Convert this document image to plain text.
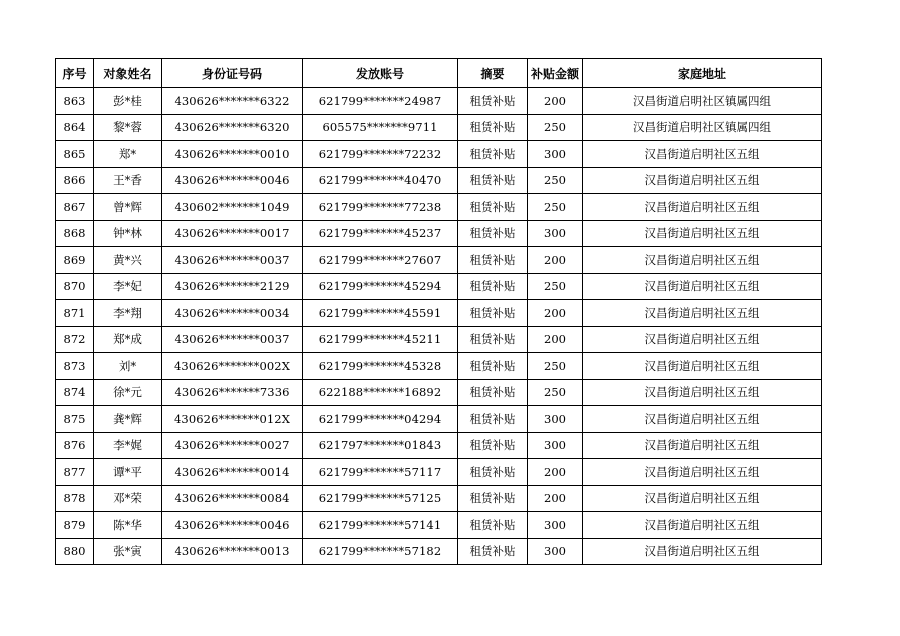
序号	对象姓名	身份证号码	发放账号	摘要	补贴金额	家庭地址
863	彭*桂	430626*******6322	621799*******24987	租赁补贴	200	汉昌街道启明社区镇属四组
864	黎*蓉	430626*******6320	605575*******9711	租赁补贴	250	汉昌街道启明社区镇属四组
865	郑*	430626*******0010	621799*******72232	租赁补贴	300	汉昌街道启明社区五组
866	王*香	430626*******0046	621799*******40470	租赁补贴	250	汉昌街道启明社区五组
867	曾*辉	430602*******1049	621799*******77238	租赁补贴	250	汉昌街道启明社区五组
868	钟*林	430626*******0017	621799*******45237	租赁补贴	300	汉昌街道启明社区五组
869	黄*兴	430626*******0037	621799*******27607	租赁补贴	200	汉昌街道启明社区五组
870	李*妃	430626*******2129	621799*******45294	租赁补贴	250	汉昌街道启明社区五组
871	李*翔	430626*******0034	621799*******45591	租赁补贴	200	汉昌街道启明社区五组
872	郑*成	430626*******0037	621799*******45211	租赁补贴	200	汉昌街道启明社区五组
873	刘*	430626*******002X	621799*******45328	租赁补贴	250	汉昌街道启明社区五组
874	徐*元	430626*******7336	622188*******16892	租赁补贴	250	汉昌街道启明社区五组
875	龚*辉	430626*******012X	621799*******04294	租赁补贴	300	汉昌街道启明社区五组
876	李*娓	430626*******0027	621797*******01843	租赁补贴	300	汉昌街道启明社区五组
877	谭*平	430626*******0014	621799*******57117	租赁补贴	200	汉昌街道启明社区五组
878	邓*荣	430626*******0084	621799*******57125	租赁补贴	200	汉昌街道启明社区五组
879	陈*华	430626*******0046	621799*******57141	租赁补贴	300	汉昌街道启明社区五组
880	张*寅	430626*******0013	621799*******57182	租赁补贴	300	汉昌街道启明社区五组
